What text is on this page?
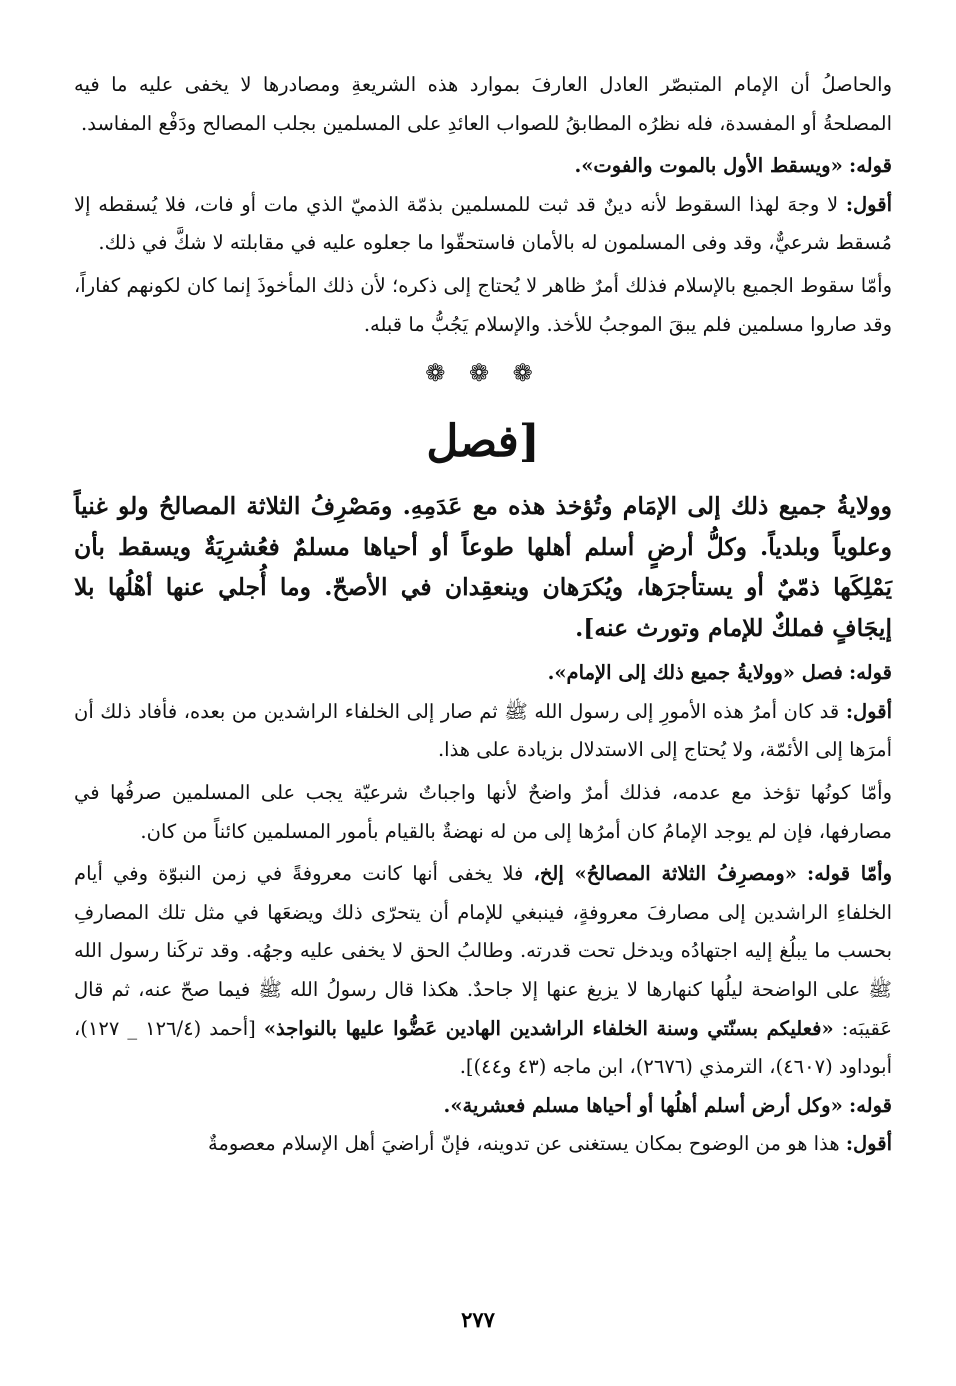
والحاصلُ أن الإمام المتبصّر العادل العارفَ بموارد هذه الشريعةِ ومصادرها لا يخفى عليه ما فيه المصلحةُ أو المفسدة، فله نظرُه المطابقُ للصواب العائدِ على المسلمين بجلب المصالح ودَفْع المفاسد.

قوله: «ويسقط الأول بالموت والفوت».

أقول: لا وجهَ لهذا السقوط لأنه دينٌ قد ثبت للمسلمين بذمّة الذميّ الذي مات أو فات، فلا يُسقطه إلا مُسقط شرعيٌّ، وقد وفى المسلمون له بالأمان فاستحقّوا ما جعلوه عليه في مقابلته لا شكَّ في ذلك.

وأمّا سقوط الجميع بالإسلام فذلك أمرٌ ظاهر لا يُحتاج إلى ذكره؛ لأن ذلك المأخوذَ إنما كان لكونهم كفاراً، وقد صاروا مسلمين فلم يبقَ الموجبُ للأخذ. والإسلام يَجُبُّ ما قبله.

❁ ❁ ❁
[فصل

وولايةُ جميع ذلك إلى الإمَام وتُؤخذ هذه مع عَدَمِهِ. ومَصْرِفُ الثلاثة المصالحُ ولو غنياً وعلوياً وبلدياً. وكلُّ أرضٍ أسلم أهلها طوعاً أو أحياها مسلمٌ فعُشرِيَةٌ ويسقط بأن يَمْلِكَها ذمّيٌ أو يستأجرَها، ويُكرَهان وينعقِدان في الأصحّ. وما أُجلي عنها أهْلُها بلا إيجَافٍ فملكٌ للإمام وتورث عنه].

قوله: فصل «وولايةُ جميع ذلك إلى الإمام».

أقول: قد كان أمرُ هذه الأمورِ إلى رسول الله ﷺ ثم صار إلى الخلفاء الراشدين من بعده، فأفاد ذلك أن أمرَها إلى الأئمّة، ولا يُحتاج إلى الاستدلال بزيادة على هذا.

وأمّا كونُها تؤخذ مع عدمه، فذلك أمرٌ واضحٌ لأنها واجباتٌ شرعيّة يجب على المسلمين صرفُها في مصارفها، فإن لم يوجد الإمامُ كان أمرُها إلى من له نهضةٌ بالقيام بأمور المسلمين كائناً من كان.

وأمّا قوله: «ومصرِفُ الثلاثة المصالحُ» إلخ، فلا يخفى أنها كانت معروفةً في زمن النبوّة وفي أيام الخلفاءِ الراشدين إلى مصارفَ معروفةٍ، فينبغي للإمام أن يتحرّى ذلك ويضعَها في مثل تلك المصارفِ بحسب ما يبلُغ إليه اجتهادُه ويدخل تحت قدرته. وطالبُ الحق لا يخفى عليه وجهُه. وقد تركَنا رسول الله ﷺ على الواضحة ليلُها كنهارها لا يزيغ عنها إلا جاحدٌ. هكذا قال رسولُ الله ﷺ فيما صحّ عنه، ثم قال عَقيبَه: «فعليكم بسنّتي وسنة الخلفاء الراشدين الهادين عَضُّوا عليها بالنواجذ» [أحمد (١٢٦/٤ _ ١٢٧)، أبوداود (٤٦٠٧)، الترمذي (٢٦٧٦)، ابن ماجه (٤٣ و٤٤)].

قوله: «وكل أرض أسلم أهلُها أو أحياها مسلم فعشرية».

أقول: هذا هو من الوضوح بمكان يستغنى عن تدوينه، فإنّ أراضيَ أهل الإسلام معصومةٌ

٢٧٧
